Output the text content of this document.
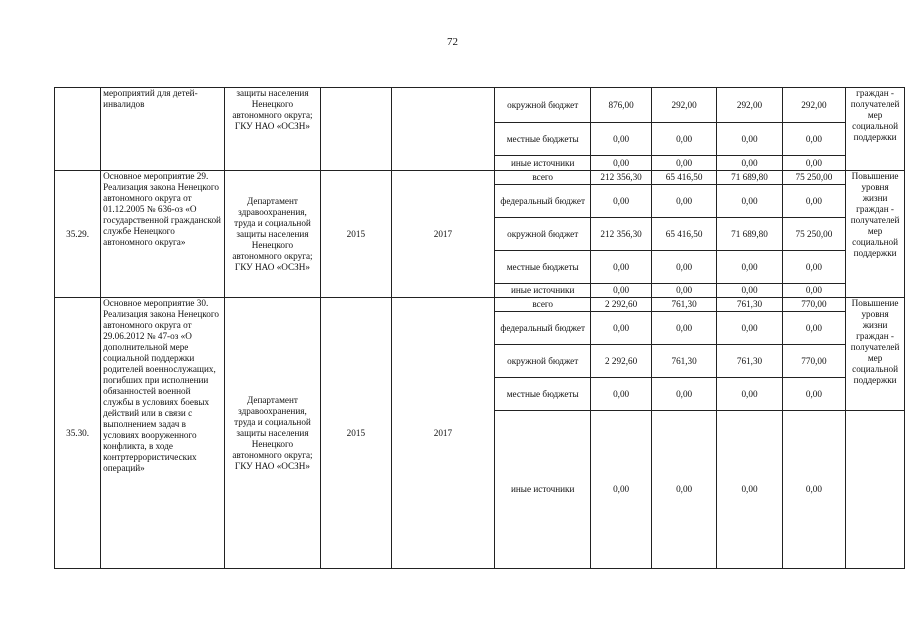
72
	мероприятий для детей-инвалидов	защиты населения Ненецкого автономного округа; ГКУ НАО «ОСЗН»			окружной бюджет	876,00	292,00	292,00	292,00	граждан - получателей мер социальной поддержки
					местные бюджеты	0,00	0,00	0,00	0,00	
					иные источники	0,00	0,00	0,00	0,00	
35.29.	Основное мероприятие 29. Реализация закона Ненецкого автономного округа от 01.12.2005 № 636-оз «О государственной гражданской службе Ненецкого автономного округа»	Департамент здравоохранения, труда и социальной защиты населения Ненецкого автономного округа; ГКУ НАО «ОСЗН»	2015	2017	всего	212 356,30	65 416,50	71 689,80	75 250,00	Повышение уровня жизни граждан - получателей мер социальной поддержки
					федеральный бюджет	0,00	0,00	0,00	0,00	
					окружной бюджет	212 356,30	65 416,50	71 689,80	75 250,00	
					местные бюджеты	0,00	0,00	0,00	0,00	
					иные источники	0,00	0,00	0,00	0,00	
35.30.	Основное мероприятие 30. Реализация закона Ненецкого автономного округа от 29.06.2012 № 47-оз «О дополнительной мере социальной поддержки родителей военнослужащих, погибших при исполнении обязанностей военной службы в условиях боевых действий или в связи с выполнением задач в условиях вооруженного конфликта, в ходе контртеррористических операций»	Департамент здравоохранения, труда и социальной защиты населения Ненецкого автономного округа; ГКУ НАО «ОСЗН»	2015	2017	всего	2 292,60	761,30	761,30	770,00	Повышение уровня жизни граждан - получателей мер социальной поддержки
					федеральный бюджет	0,00	0,00	0,00	0,00	
					окружной бюджет	2 292,60	761,30	761,30	770,00	
					местные бюджеты	0,00	0,00	0,00	0,00	
					иные источники	0,00	0,00	0,00	0,00	
